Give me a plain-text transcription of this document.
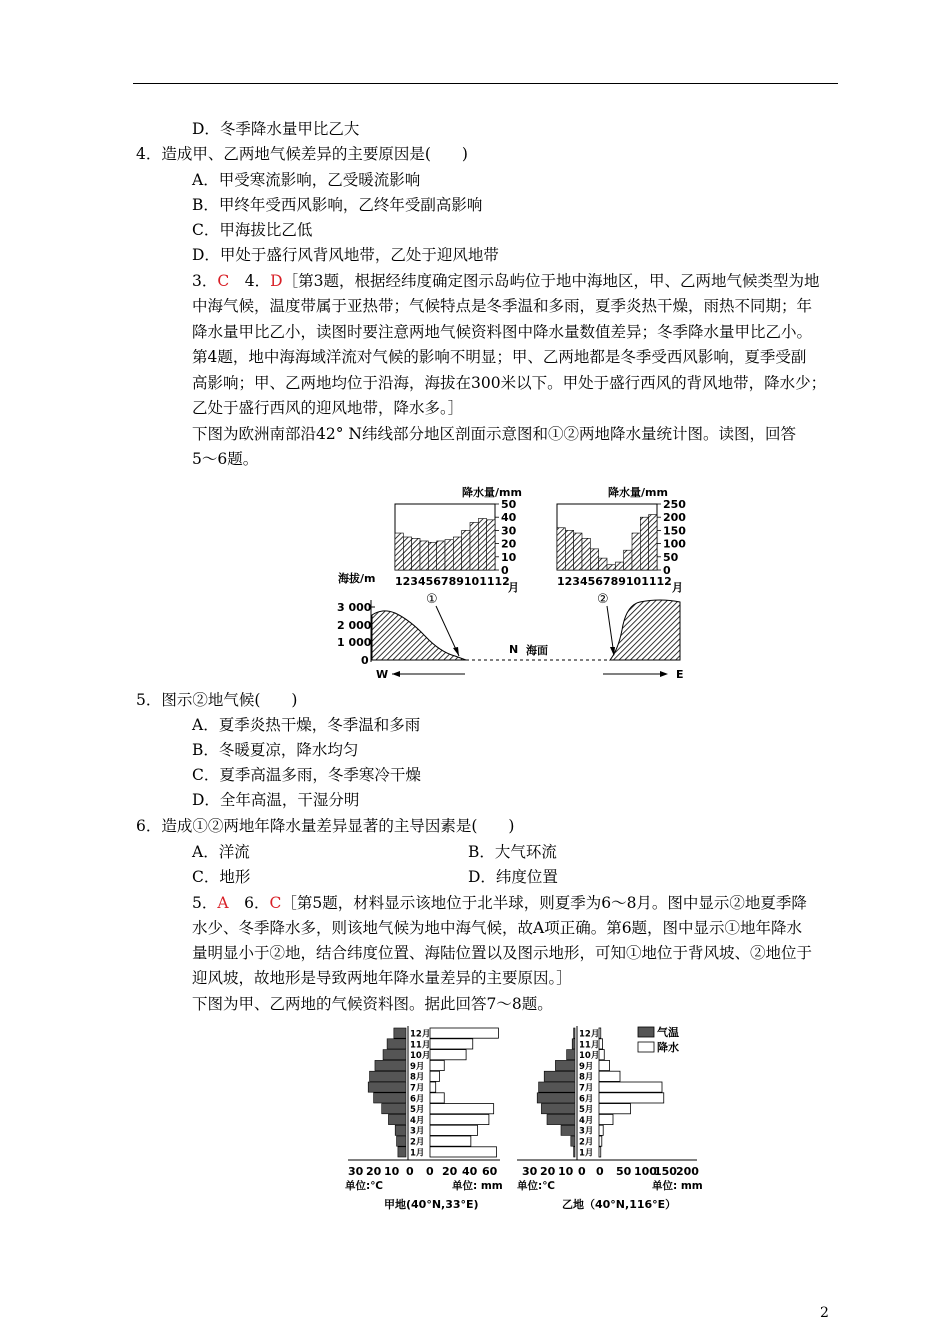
D．冬季降水量甲比乙大
4．造成甲、乙两地气候差异的主要原因是(　　)
A．甲受寒流影响，乙受暖流影响
B．甲终年受西风影响，乙终年受副高影响
C．甲海拔比乙低
D．甲处于盛行风背风地带，乙处于迎风地带
3．C　 4．D［第3题，根据经纬度确定图示岛屿位于地中海地区，甲、乙两地气候类型为地
中海气候，温度带属于亚热带；气候特点是冬季温和多雨，夏季炎热干燥，雨热不同期；年
降水量甲比乙小，读图时要注意两地气候资料图中降水量数值差异；冬季降水量甲比乙小。
第4题，地中海海域洋流对气候的影响不明显；甲、乙两地都是冬季受西风影响，夏季受副
高影响；甲、乙两地均位于沿海，海拔在300米以下。甲处于盛行西风的背风地带，降水少；
乙处于盛行西风的迎风地带，降水多。］
下图为欧洲南部沿42° N纬线部分地区剖面示意图和①②两地降水量统计图。读图，回答
5～6题。
降水量/mm
50
40
30
20
10
0
123456789101112
月
降水量/mm
250
200
150
100
50
0
123456789101112 月
海拔/m
3 000
2 000
1 000
0
①	②
N 海面
W	E
5．图示②地气候(　　)
A．夏季炎热干燥，冬季温和多雨
B．冬暖夏凉，降水均匀
C．夏季高温多雨，冬季寒冷干燥
D．全年高温，干湿分明
6．造成①②两地年降水量差异显著的主导因素是(　　)
A．洋流	B．大气环流
C．地形	D．纬度位置
5．A　 6．C［第5题，材料显示该地位于北半球，则夏季为6～8月。图中显示②地夏季降
水少、冬季降水多，则该地气候为地中海气候，故A项正确。第6题，图中显示①地年降水
量明显小于②地，结合纬度位置、海陆位置以及图示地形，可知①地位于背风坡、②地位于
迎风坡，故地形是导致两地年降水量差异的主要原因。］
下图为甲、乙两地的气候资料图。据此回答7～8题。
12月
11月
10月
9月
8月
7月
6月
5月
4月
3月
2月
1月
12月
11月
10月
9月
8月
7月
6月
5月
4月
3月
2月
1月
气温
降水
30 20 10 0 0 20 40 60
单位:℃	单位: mm
甲地(40°N,33°E)
30 20 10 0 0 50 100
150 200
单位:℃	单位: mm
乙地（40°N,116°E）
2
